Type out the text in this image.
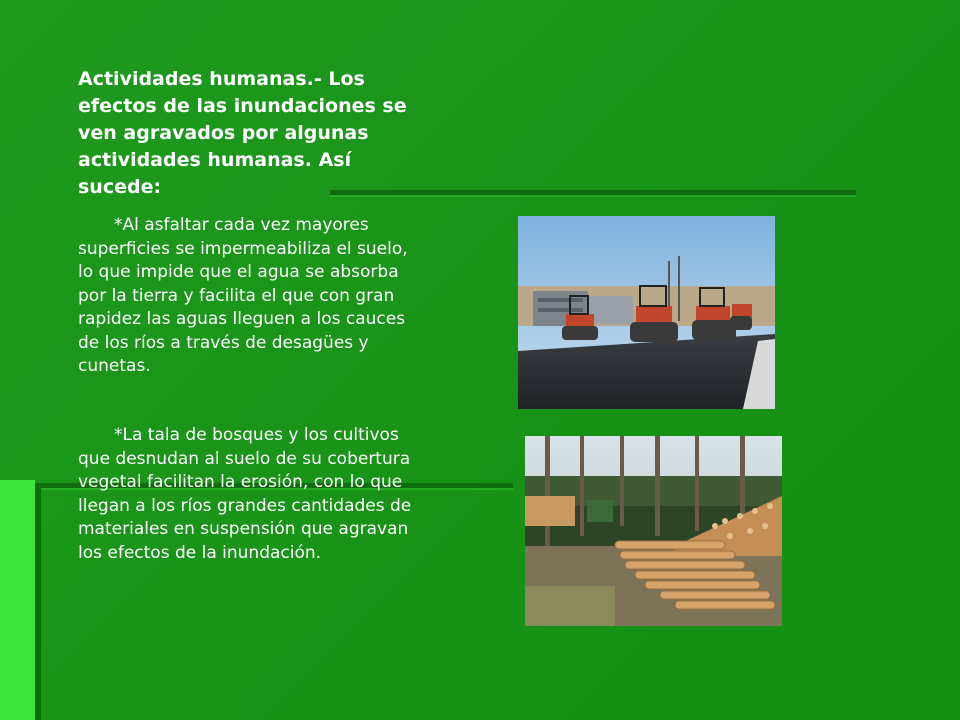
Actividades humanas.- Los efectos de las inundaciones se ven agravados por algunas actividades humanas. Así sucede:

*Al asfaltar cada vez mayores superficies se impermeabiliza el suelo, lo que impide que el agua se absorba por la tierra y facilita el que con gran rapidez las aguas lleguen a los cauces de los ríos a través de desagües y cunetas.

*La tala de bosques y los cultivos que desnudan al suelo de su cobertura vegetal facilitan la erosión, con lo que llegan a los ríos grandes cantidades de materiales en suspensión que agravan los efectos de la inundación.
